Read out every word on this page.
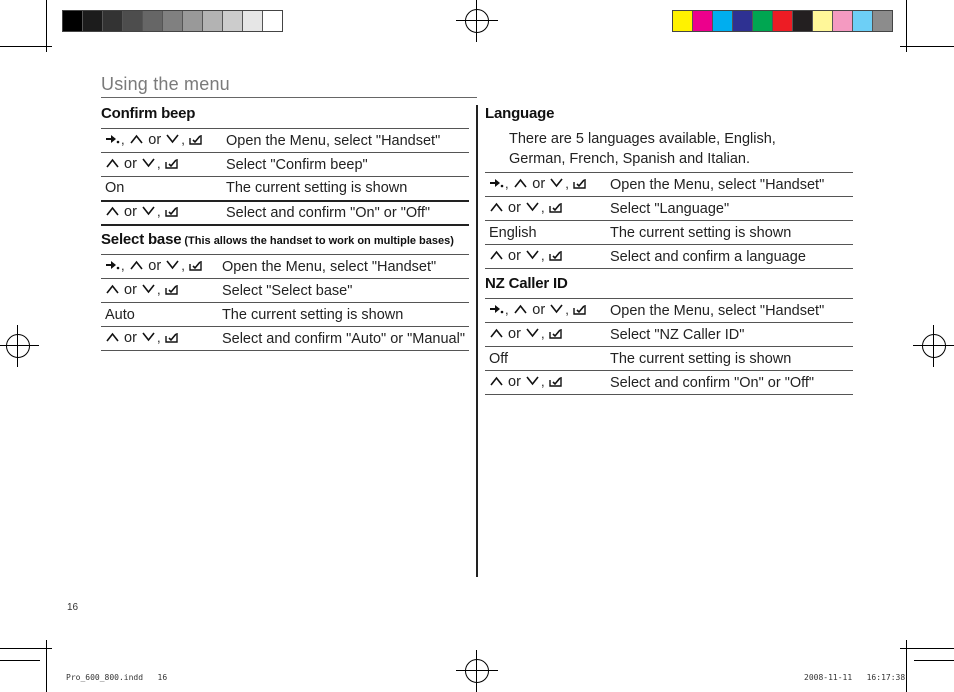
Using the menu
Confirm beep
,  or ,	Open the Menu, select "Handset"
or ,	Select "Confirm beep"
On	The current setting is shown
or ,	Select and confirm "On" or "Off"
Select base (This allows the handset to work on multiple bases)
,  or ,	Open the Menu, select "Handset"
or ,	Select "Select base"
Auto	The current setting is shown
or ,	Select and confirm "Auto" or "Manual"
Language
There are 5 languages available, English, German, French, Spanish and Italian.
,  or ,	Open the Menu, select "Handset"
or ,	Select "Language"
English	The current setting is shown
or ,	Select and confirm a language
NZ Caller ID
,  or ,	Open the Menu, select "Handset"
or ,	Select "NZ Caller ID"
Off	The current setting is shown
or ,	Select and confirm "On" or "Off"
16
Pro_600_800.indd   16	2008-11-11   16:17:38
